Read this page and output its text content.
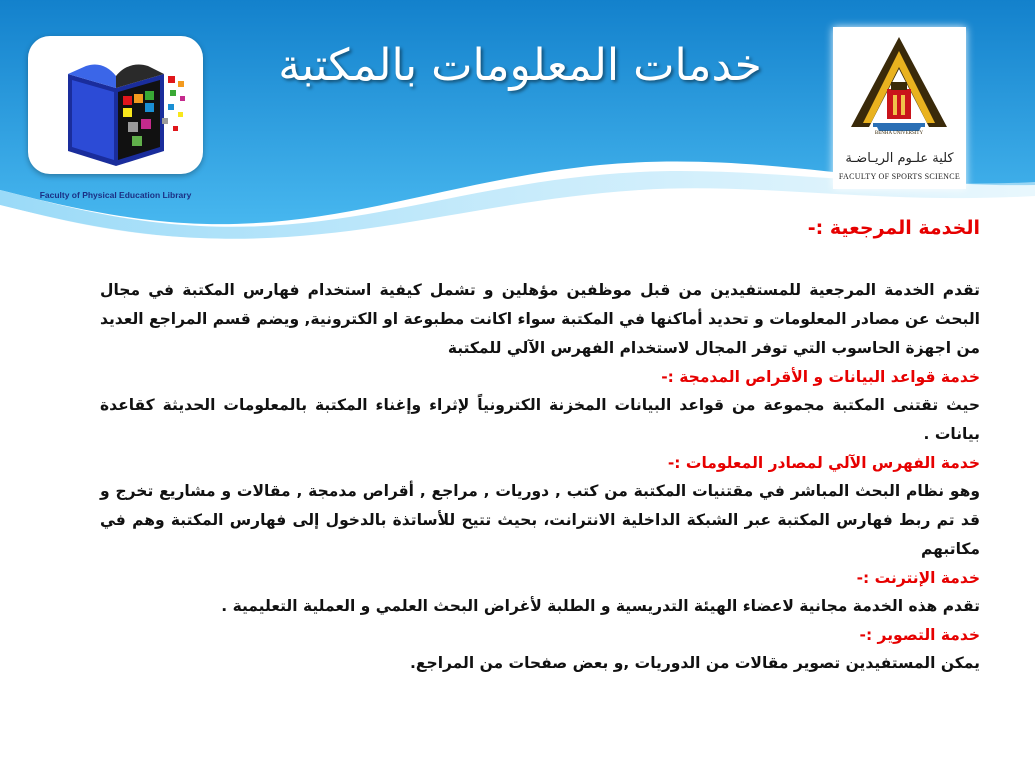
خدمات المعلومات بالمكتبة
Faculty of Physical Education Library
BENHA UNIVERSITY
كلية علـوم الريـاضـة
FACULTY OF SPORTS SCIENCE
الخدمة المرجعية :-

تقدم الخدمة المرجعية للمستفيدين من قبل موظفين مؤهلين و تشمل كيفية استخدام فهارس المكتبة في مجال البحث عن مصادر المعلومات و تحديد أماكنها في المكتبة سواء اكانت مطبوعة او الكترونية, ويضم قسم المراجع العديد من اجهزة الحاسوب التي توفر المجال لاستخدام الفهرس الآلي للمكتبة

خدمة قواعد البيانات و الأقراص المدمجة :-

حيث تقتنى المكتبة مجموعة من قواعد البيانات المخزنة الكترونياً لإثراء وإغناء المكتبة بالمعلومات الحديثة كقاعدة بيانات .

خدمة الفهرس الآلي لمصادر المعلومات :-

وهو نظام البحث المباشر في مقتنيات المكتبة من كتب , دوريات , مراجع , أقراص مدمجة , مقالات و مشاريع تخرج و قد تم ربط فهارس المكتبة عبر الشبكة الداخلية الانترانت، بحيث تتيح للأساتذة بالدخول إلى فهارس المكتبة وهم في مكاتبهم

خدمة الإنترنت :-

تقدم هذه الخدمة مجانية لاعضاء الهيئة التدريسية و الطلبة لأغراض البحث العلمي و العملية التعليمية .

خدمة التصوير :-

يمكن المستفيدين تصوير مقالات من الدوريات ,و بعض صفحات من المراجع.
